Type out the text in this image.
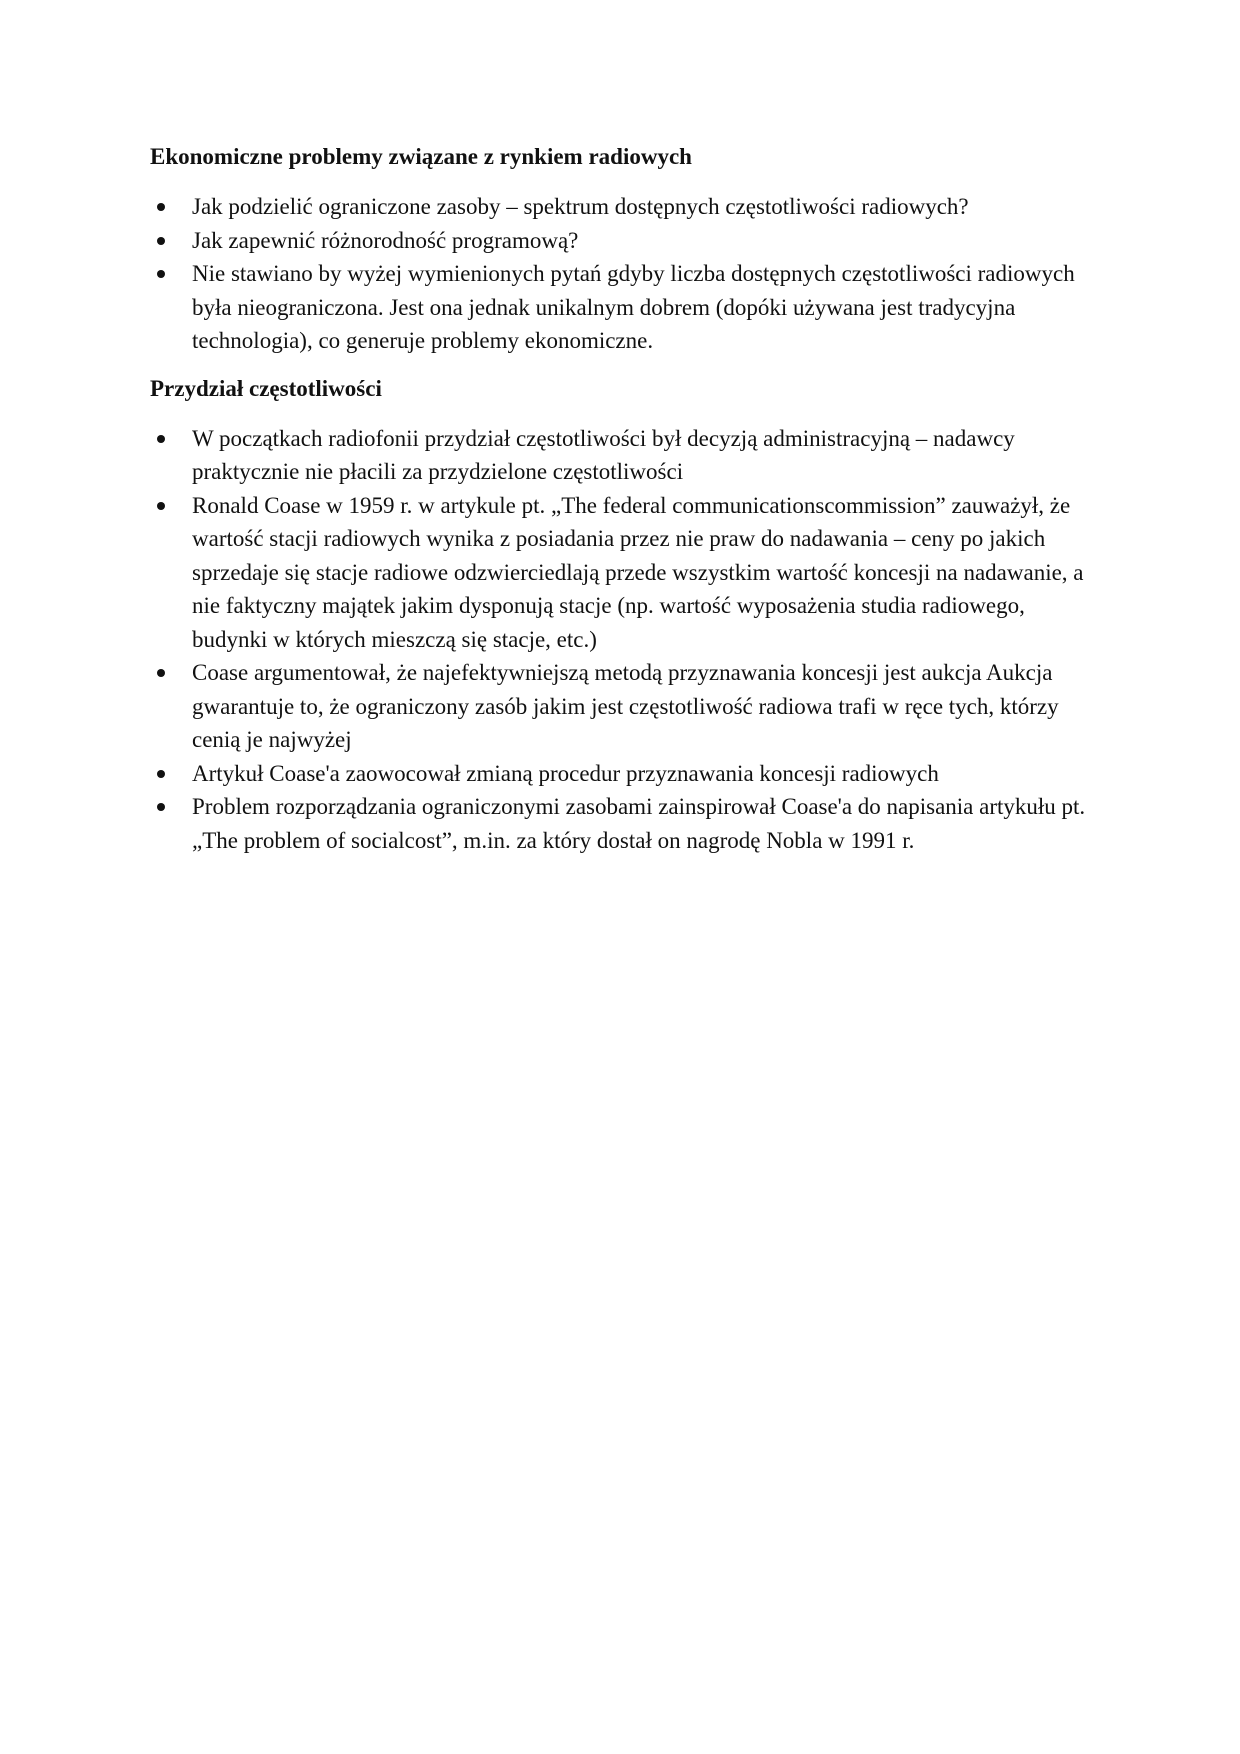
Ekonomiczne problemy związane z rynkiem radiowych
Jak podzielić ograniczone zasoby – spektrum dostępnych częstotliwości radiowych?
Jak zapewnić różnorodność programową?
Nie stawiano by wyżej wymienionych pytań gdyby liczba dostępnych częstotliwości radiowych była nieograniczona. Jest ona jednak unikalnym dobrem (dopóki używana jest tradycyjna technologia), co generuje problemy ekonomiczne.
Przydział częstotliwości
W początkach radiofonii przydział częstotliwości był decyzją administracyjną – nadawcy praktycznie nie płacili za przydzielone częstotliwości
Ronald Coase w 1959 r. w artykule pt. „The federal communicationscommission” zauważył, że wartość stacji radiowych wynika z posiadania przez nie praw do nadawania – ceny po jakich sprzedaje się stacje radiowe odzwierciedlają przede wszystkim wartość koncesji na nadawanie, a nie faktyczny majątek jakim dysponują stacje (np. wartość wyposażenia studia radiowego, budynki w których mieszczą się stacje, etc.)
Coase argumentował, że najefektywniejszą metodą przyznawania koncesji jest aukcja Aukcja gwarantuje to, że ograniczony zasób jakim jest częstotliwość radiowa trafi w ręce tych, którzy cenią je najwyżej
Artykuł Coase'a zaowocował zmianą procedur przyznawania koncesji radiowych
Problem rozporządzania ograniczonymi zasobami zainspirował Coase'a do napisania artykułu pt. „The problem of socialcost”, m.in. za który dostał on nagrodę Nobla w 1991 r.
